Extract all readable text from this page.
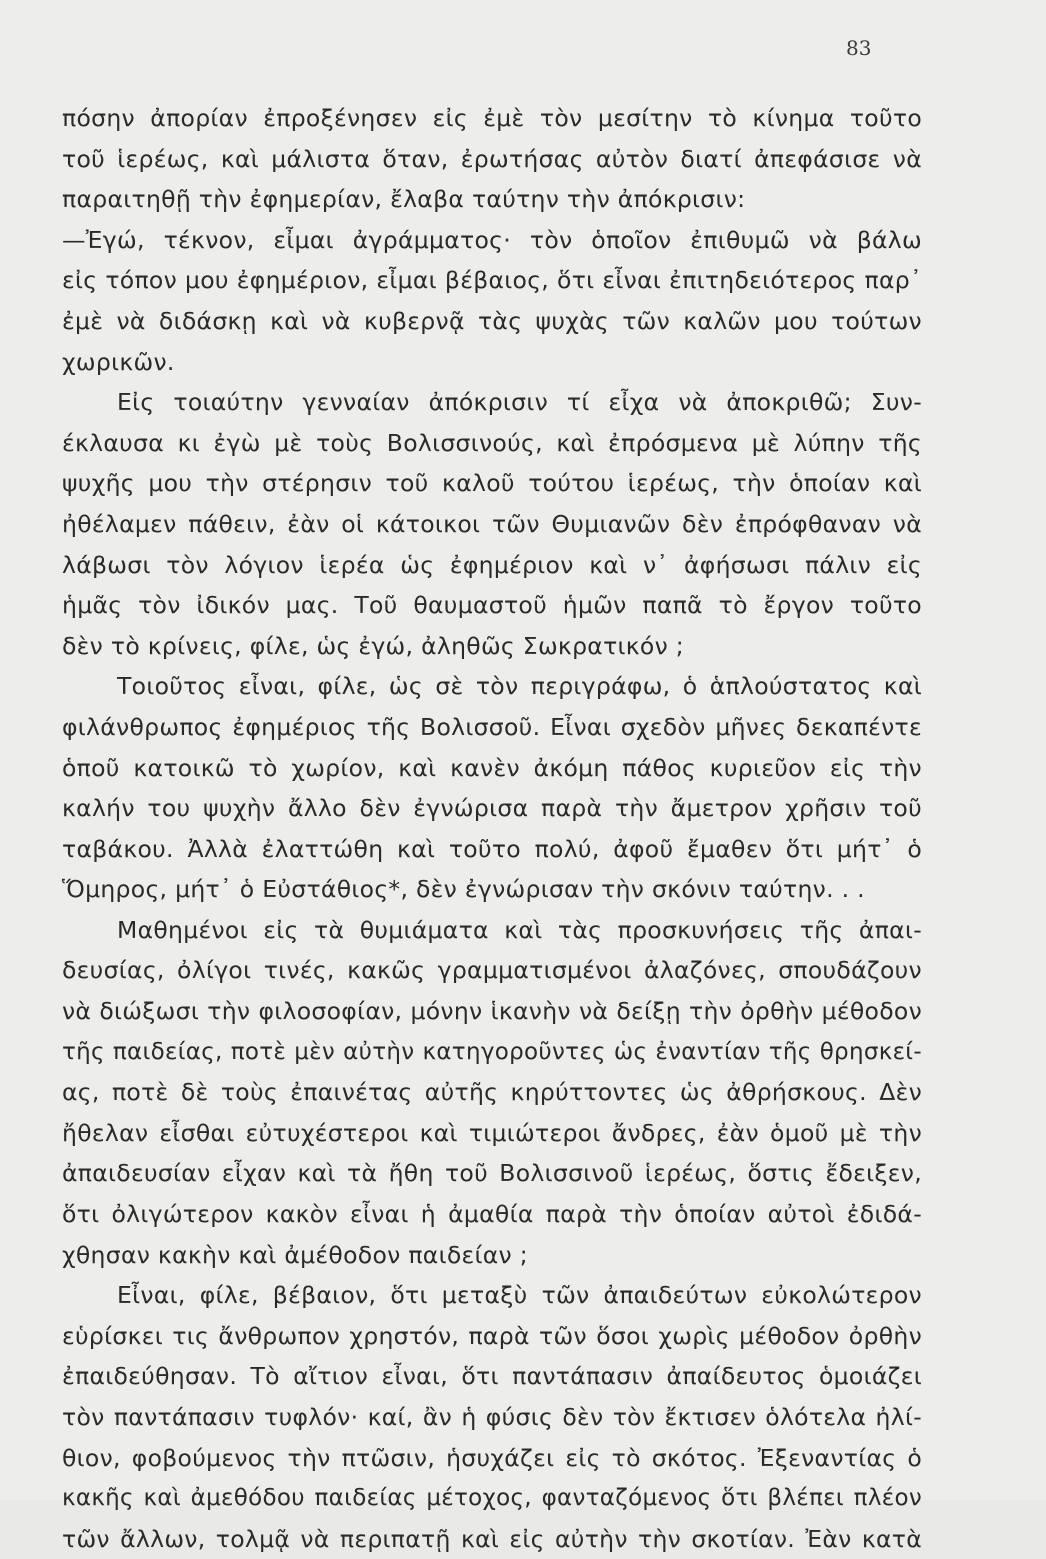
83
πόσην ἀπορίαν ἐπροξένησεν εἰς ἐμὲ τὸν μεσίτην τὸ κίνημα τοῦτο
τοῦ ἱερέως, καὶ μάλιστα ὅταν, ἐρωτήσας αὐτὸν διατί ἀπεφάσισε νὰ
παραιτηθῇ τὴν ἐφημερίαν, ἔλαβα ταύτην τὴν ἀπόκρισιν:
—Ἐγώ, τέκνον, εἶμαι ἀγράμματος· τὸν ὁποῖον ἐπιθυμῶ νὰ βάλω
εἰς τόπον μου ἐφημέριον, εἶμαι βέβαιος, ὅτι εἶναι ἐπιτηδειότερος παρ᾽
ἐμὲ νὰ διδάσκῃ καὶ νὰ κυβερνᾷ τὰς ψυχὰς τῶν καλῶν μου τούτων
χωρικῶν.
Εἰς τοιαύτην γενναίαν ἀπόκρισιν τί εἶχα νὰ ἀποκριθῶ; Συν-
έκλαυσα κι ἐγὼ μὲ τοὺς Βολισσινούς, καὶ ἐπρόσμενα μὲ λύπην τῆς
ψυχῆς μου τὴν στέρησιν τοῦ καλοῦ τούτου ἱερέως, τὴν ὁποίαν καὶ
ἠθέλαμεν πάθειν, ἐὰν οἱ κάτοικοι τῶν Θυμιανῶν δὲν ἐπρόφθαναν νὰ
λάβωσι τὸν λόγιον ἱερέα ὡς ἐφημέριον καὶ ν᾽ ἀφήσωσι πάλιν εἰς
ἡμᾶς τὸν ἰδικόν μας. Τοῦ θαυμαστοῦ ἡμῶν παπᾶ τὸ ἔργον τοῦτο
δὲν τὸ κρίνεις, φίλε, ὡς ἐγώ, ἀληθῶς Σωκρατικόν ;
Τοιοῦτος εἶναι, φίλε, ὡς σὲ τὸν περιγράφω, ὁ ἁπλούστατος καὶ
φιλάνθρωπος ἐφημέριος τῆς Βολισσοῦ. Εἶναι σχεδὸν μῆνες δεκαπέντε
ὁποῦ κατοικῶ τὸ χωρίον, καὶ κανὲν ἀκόμη πάθος κυριεῦον εἰς τὴν
καλήν του ψυχὴν ἄλλο δὲν ἐγνώρισα παρὰ τὴν ἄμετρον χρῆσιν τοῦ
ταβάκου. Ἀλλὰ ἐλαττώθη καὶ τοῦτο πολύ, ἀφοῦ ἔμαθεν ὅτι μήτ᾽ ὁ
Ὅμηρος, μήτ᾽ ὁ Εὐστάθιος*, δὲν ἐγνώρισαν τὴν σκόνιν ταύτην. . .
Μαθημένοι εἰς τὰ θυμιάματα καὶ τὰς προσκυνήσεις τῆς ἀπαι-
δευσίας, ὀλίγοι τινές, κακῶς γραμματισμένοι ἀλαζόνες, σπουδάζουν
νὰ διώξωσι τὴν φιλοσοφίαν, μόνην ἱκανὴν νὰ δείξῃ τὴν ὀρθὴν μέθοδον
τῆς παιδείας, ποτὲ μὲν αὐτὴν κατηγοροῦντες ὡς ἐναντίαν τῆς θρησκεί-
ας, ποτὲ δὲ τοὺς ἐπαινέτας αὐτῆς κηρύττοντες ὡς ἀθρήσκους. Δὲν
ἤθελαν εἶσθαι εὐτυχέστεροι καὶ τιμιώτεροι ἄνδρες, ἐὰν ὁμοῦ μὲ τὴν
ἀπαιδευσίαν εἶχαν καὶ τὰ ἤθη τοῦ Βολισσινοῦ ἱερέως, ὅστις ἔδειξεν,
ὅτι ὀλιγώτερον κακὸν εἶναι ἡ ἀμαθία παρὰ τὴν ὁποίαν αὐτοὶ ἐδιδά-
χθησαν κακὴν καὶ ἀμέθοδον παιδείαν ;
Εἶναι, φίλε, βέβαιον, ὅτι μεταξὺ τῶν ἀπαιδεύτων εὐκολώτερον
εὑρίσκει τις ἄνθρωπον χρηστόν, παρὰ τῶν ὅσοι χωρὶς μέθοδον ὀρθὴν
ἐπαιδεύθησαν. Τὸ αἴτιον εἶναι, ὅτι παντάπασιν ἀπαίδευτος ὁμοιάζει
τὸν παντάπασιν τυφλόν· καί, ἂν ἡ φύσις δὲν τὸν ἔκτισεν ὁλότελα ἠλί-
θιον, φοβούμενος τὴν πτῶσιν, ἡσυχάζει εἰς τὸ σκότος. Ἐξεναντίας ὁ
κακῆς καὶ ἀμεθόδου παιδείας μέτοχος, φανταζόμενος ὅτι βλέπει πλέον
τῶν ἄλλων, τολμᾷ νὰ περιπατῇ καὶ εἰς αὐτὴν τὴν σκοτίαν. Ἐὰν κατὰ
